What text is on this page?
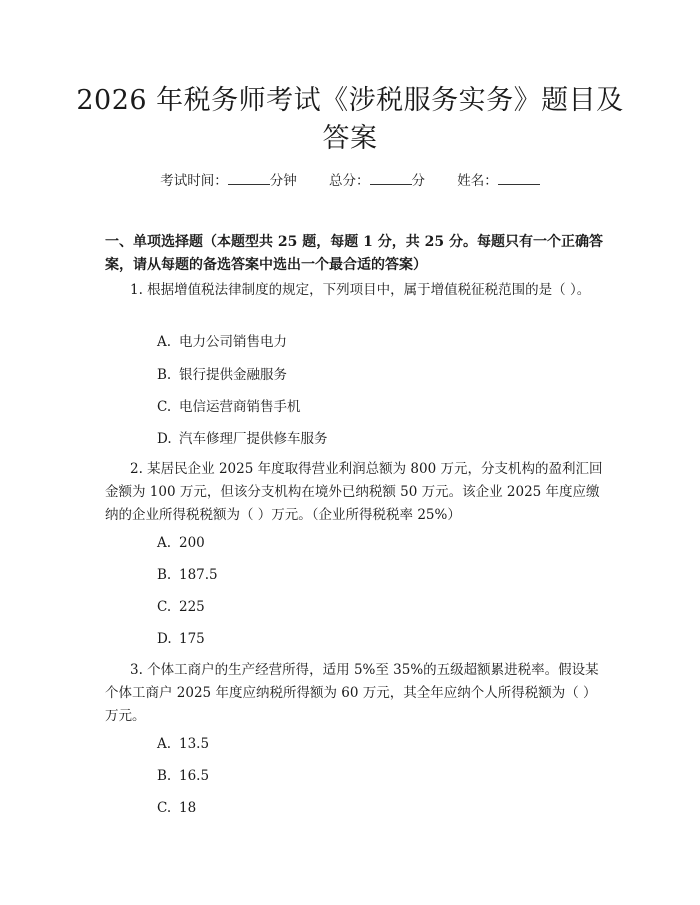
2026 年税务师考试《涉税服务实务》题目及
答案
考试时间：	分钟 总分：	分 姓名：

一、单项选择题（本题型共 25 题，每题 1 分，共 25 分。每题只有一个正确答案，请从每题的备选答案中选出一个最合适的答案）

1. 根据增值税法律制度的规定，下列项目中，属于增值税征税范围的是（ ）。

A. 电力公司销售电力
B. 银行提供金融服务
C. 电信运营商销售手机
D. 汽车修理厂提供修车服务

2. 某居民企业 2025 年度取得营业利润总额为 800 万元，分支机构的盈利汇回金额为 100 万元，但该分支机构在境外已纳税额 50 万元。该企业 2025 年度应缴纳的企业所得税税额为（ ）万元。（企业所得税税率 25%）

A. 200
B. 187.5
C. 225
D. 175

3. 个体工商户的生产经营所得，适用 5%至 35%的五级超额累进税率。假设某个体工商户 2025 年度应纳税所得额为 60 万元，其全年应纳个人所得税额为（ ）万元。

A. 13.5
B. 16.5
C. 18
